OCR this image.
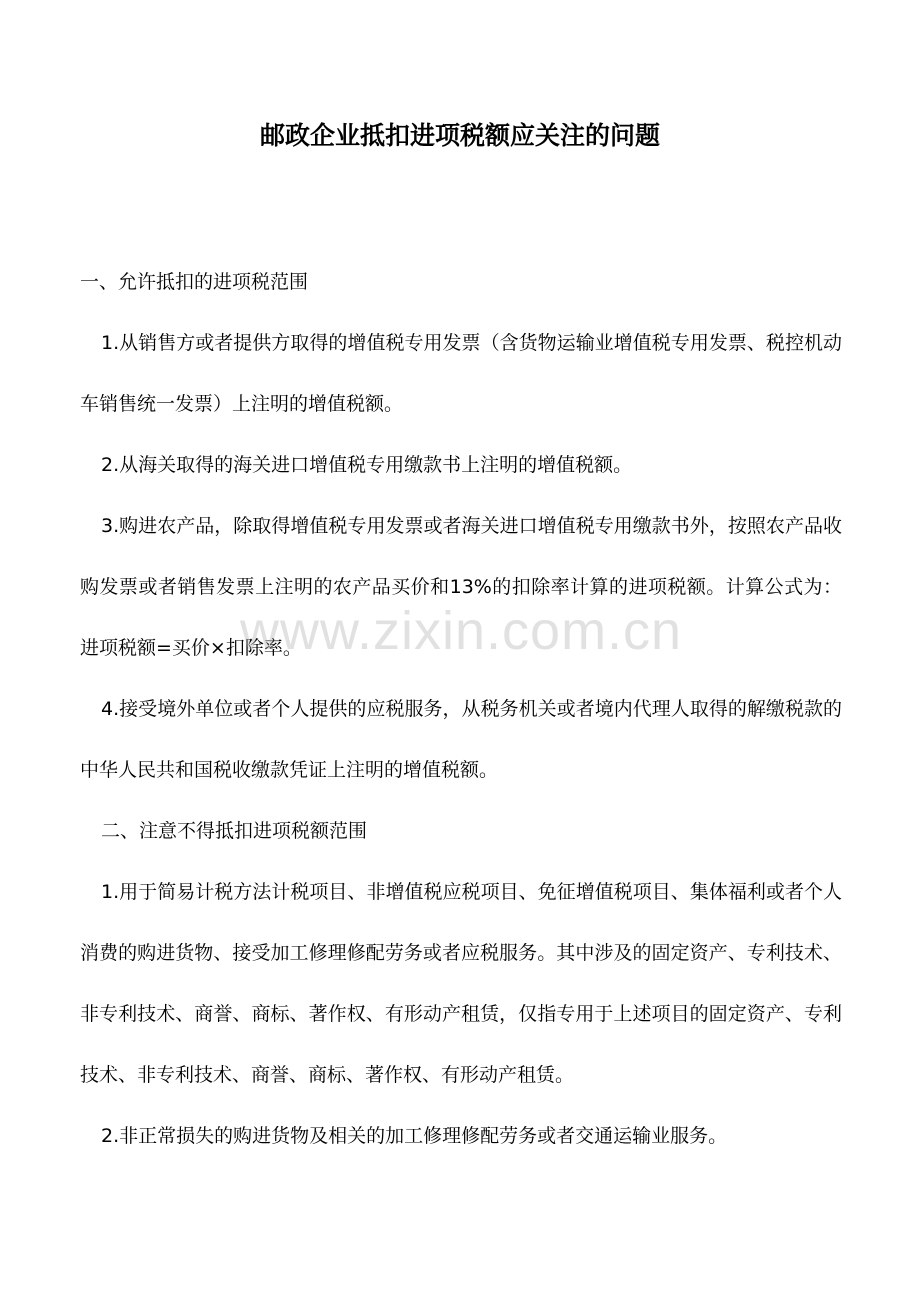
邮政企业抵扣进项税额应关注的问题

一、允许抵扣的进项税范围

1.从销售方或者提供方取得的增值税专用发票（含货物运输业增值税专用发票、税控机动车销售统一发票）上注明的增值税额。

2.从海关取得的海关进口增值税专用缴款书上注明的增值税额。

3.购进农产品，除取得增值税专用发票或者海关进口增值税专用缴款书外，按照农产品收购发票或者销售发票上注明的农产品买价和13%的扣除率计算的进项税额。计算公式为：进项税额=买价×扣除率。

4.接受境外单位或者个人提供的应税服务，从税务机关或者境内代理人取得的解缴税款的中华人民共和国税收缴款凭证上注明的增值税额。

二、注意不得抵扣进项税额范围

1.用于简易计税方法计税项目、非增值税应税项目、免征增值税项目、集体福利或者个人消费的购进货物、接受加工修理修配劳务或者应税服务。其中涉及的固定资产、专利技术、非专利技术、商誉、商标、著作权、有形动产租赁，仅指专用于上述项目的固定资产、专利技术、非专利技术、商誉、商标、著作权、有形动产租赁。

2.非正常损失的购进货物及相关的加工修理修配劳务或者交通运输业服务。

www.zixin.com.cn
